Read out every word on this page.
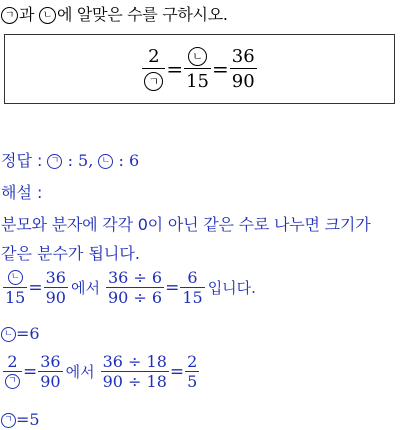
ㄱ 과 ㄴ 에 알맞은 수를 구하시오.
$\frac{2}{\text{ㄱ}} = \frac{\text{ㄴ}}{15} = \frac{36}{90}$
정답 : ㄱ : 5, ㄴ : 6
해설 :
분모와 분자에 각각 0이 아닌 같은 수로 나누면 크기가
같은 분수가 됩니다.
$\frac{\text{ㄴ}}{15} = \frac{36}{90}$ 에서 $\frac{36 \div 6}{90 \div 6} = \frac{6}{15}$ 입니다.
ㄴ =6
$\frac{2}{\text{ㄱ}} = \frac{36}{90}$ 에서 $\frac{36 \div 18}{90 \div 18} = \frac{2}{5}$
ㄱ =5
